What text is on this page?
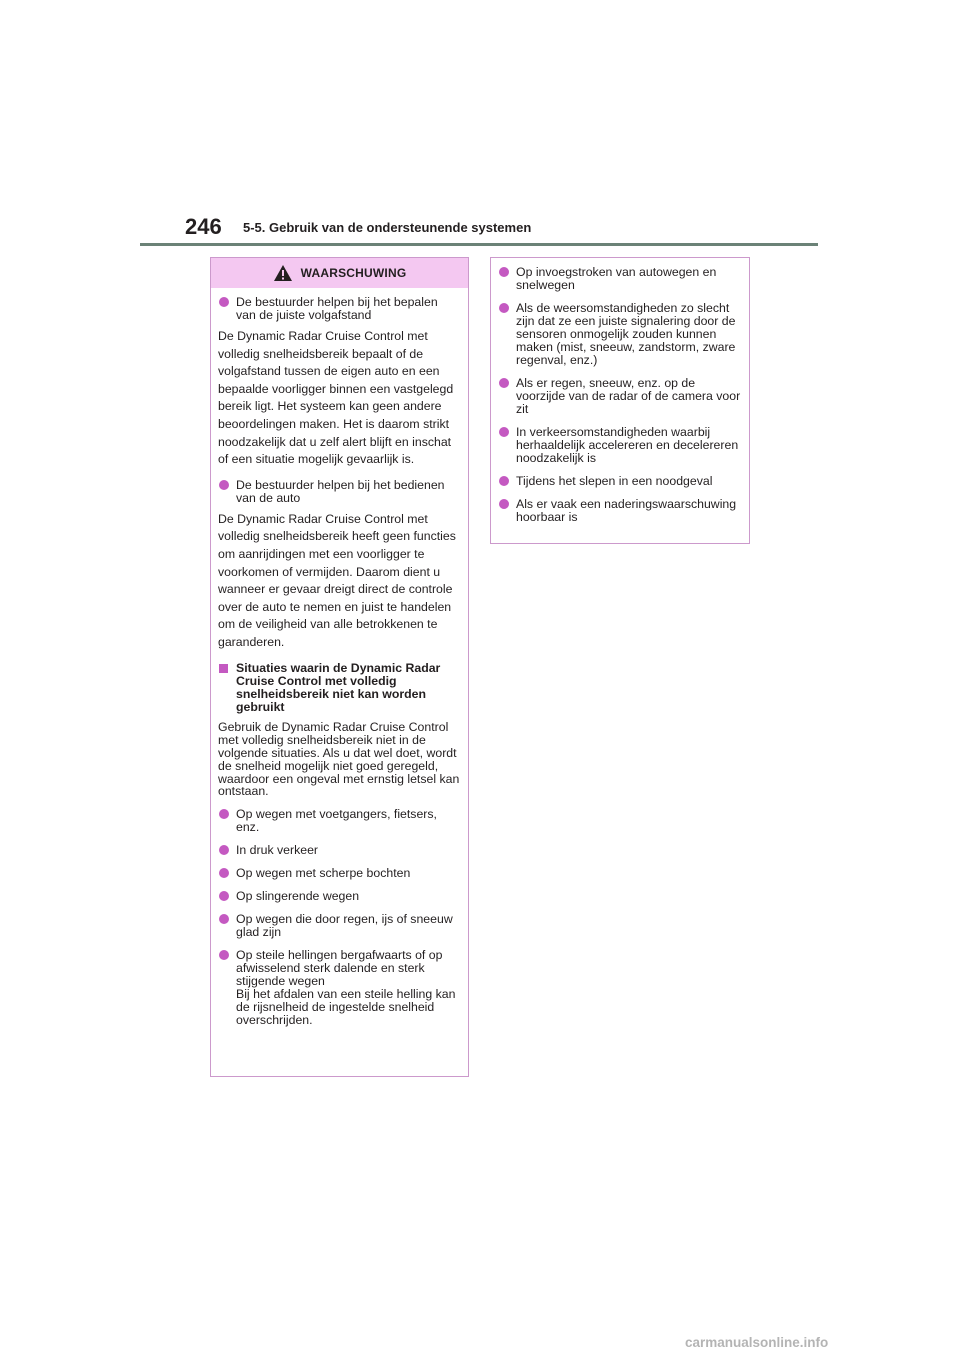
246 5-5. Gebruik van de ondersteunende systemen
WAARSCHUWING
De bestuurder helpen bij het bepalen van de juiste volgafstand
De Dynamic Radar Cruise Control met volledig snelheidsbereik bepaalt of de volgafstand tussen de eigen auto en een bepaalde voorligger binnen een vastgelegd bereik ligt. Het systeem kan geen andere beoordelingen maken. Het is daarom strikt noodzakelijk dat u zelf alert blijft en inschat of een situatie mogelijk gevaarlijk is.
De bestuurder helpen bij het bedienen van de auto
De Dynamic Radar Cruise Control met volledig snelheidsbereik heeft geen functies om aanrijdingen met een voorligger te voorkomen of vermijden. Daarom dient u wanneer er gevaar dreigt direct de controle over de auto te nemen en juist te handelen om de veiligheid van alle betrokkenen te garanderen.
Situaties waarin de Dynamic Radar Cruise Control met volledig snelheidsbereik niet kan worden gebruikt
Gebruik de Dynamic Radar Cruise Control met volledig snelheidsbereik niet in de volgende situaties. Als u dat wel doet, wordt de snelheid mogelijk niet goed geregeld, waardoor een ongeval met ernstig letsel kan ontstaan.
Op wegen met voetgangers, fietsers, enz.
In druk verkeer
Op wegen met scherpe bochten
Op slingerende wegen
Op wegen die door regen, ijs of sneeuw glad zijn
Op steile hellingen bergafwaarts of op afwisselend sterk dalende en sterk stijgende wegen
Bij het afdalen van een steile helling kan de rijsnelheid de ingestelde snelheid overschrijden.
Op invoegstroken van autowegen en snelwegen
Als de weersomstandigheden zo slecht zijn dat ze een juiste signalering door de sensoren onmogelijk zouden kunnen maken (mist, sneeuw, zandstorm, zware regenval, enz.)
Als er regen, sneeuw, enz. op de voorzijde van de radar of de camera voor zit
In verkeersomstandigheden waarbij herhaaldelijk accelereren en decelereren noodzakelijk is
Tijdens het slepen in een noodgeval
Als er vaak een naderingswaarschuwing hoorbaar is
carmanualsonline.info
